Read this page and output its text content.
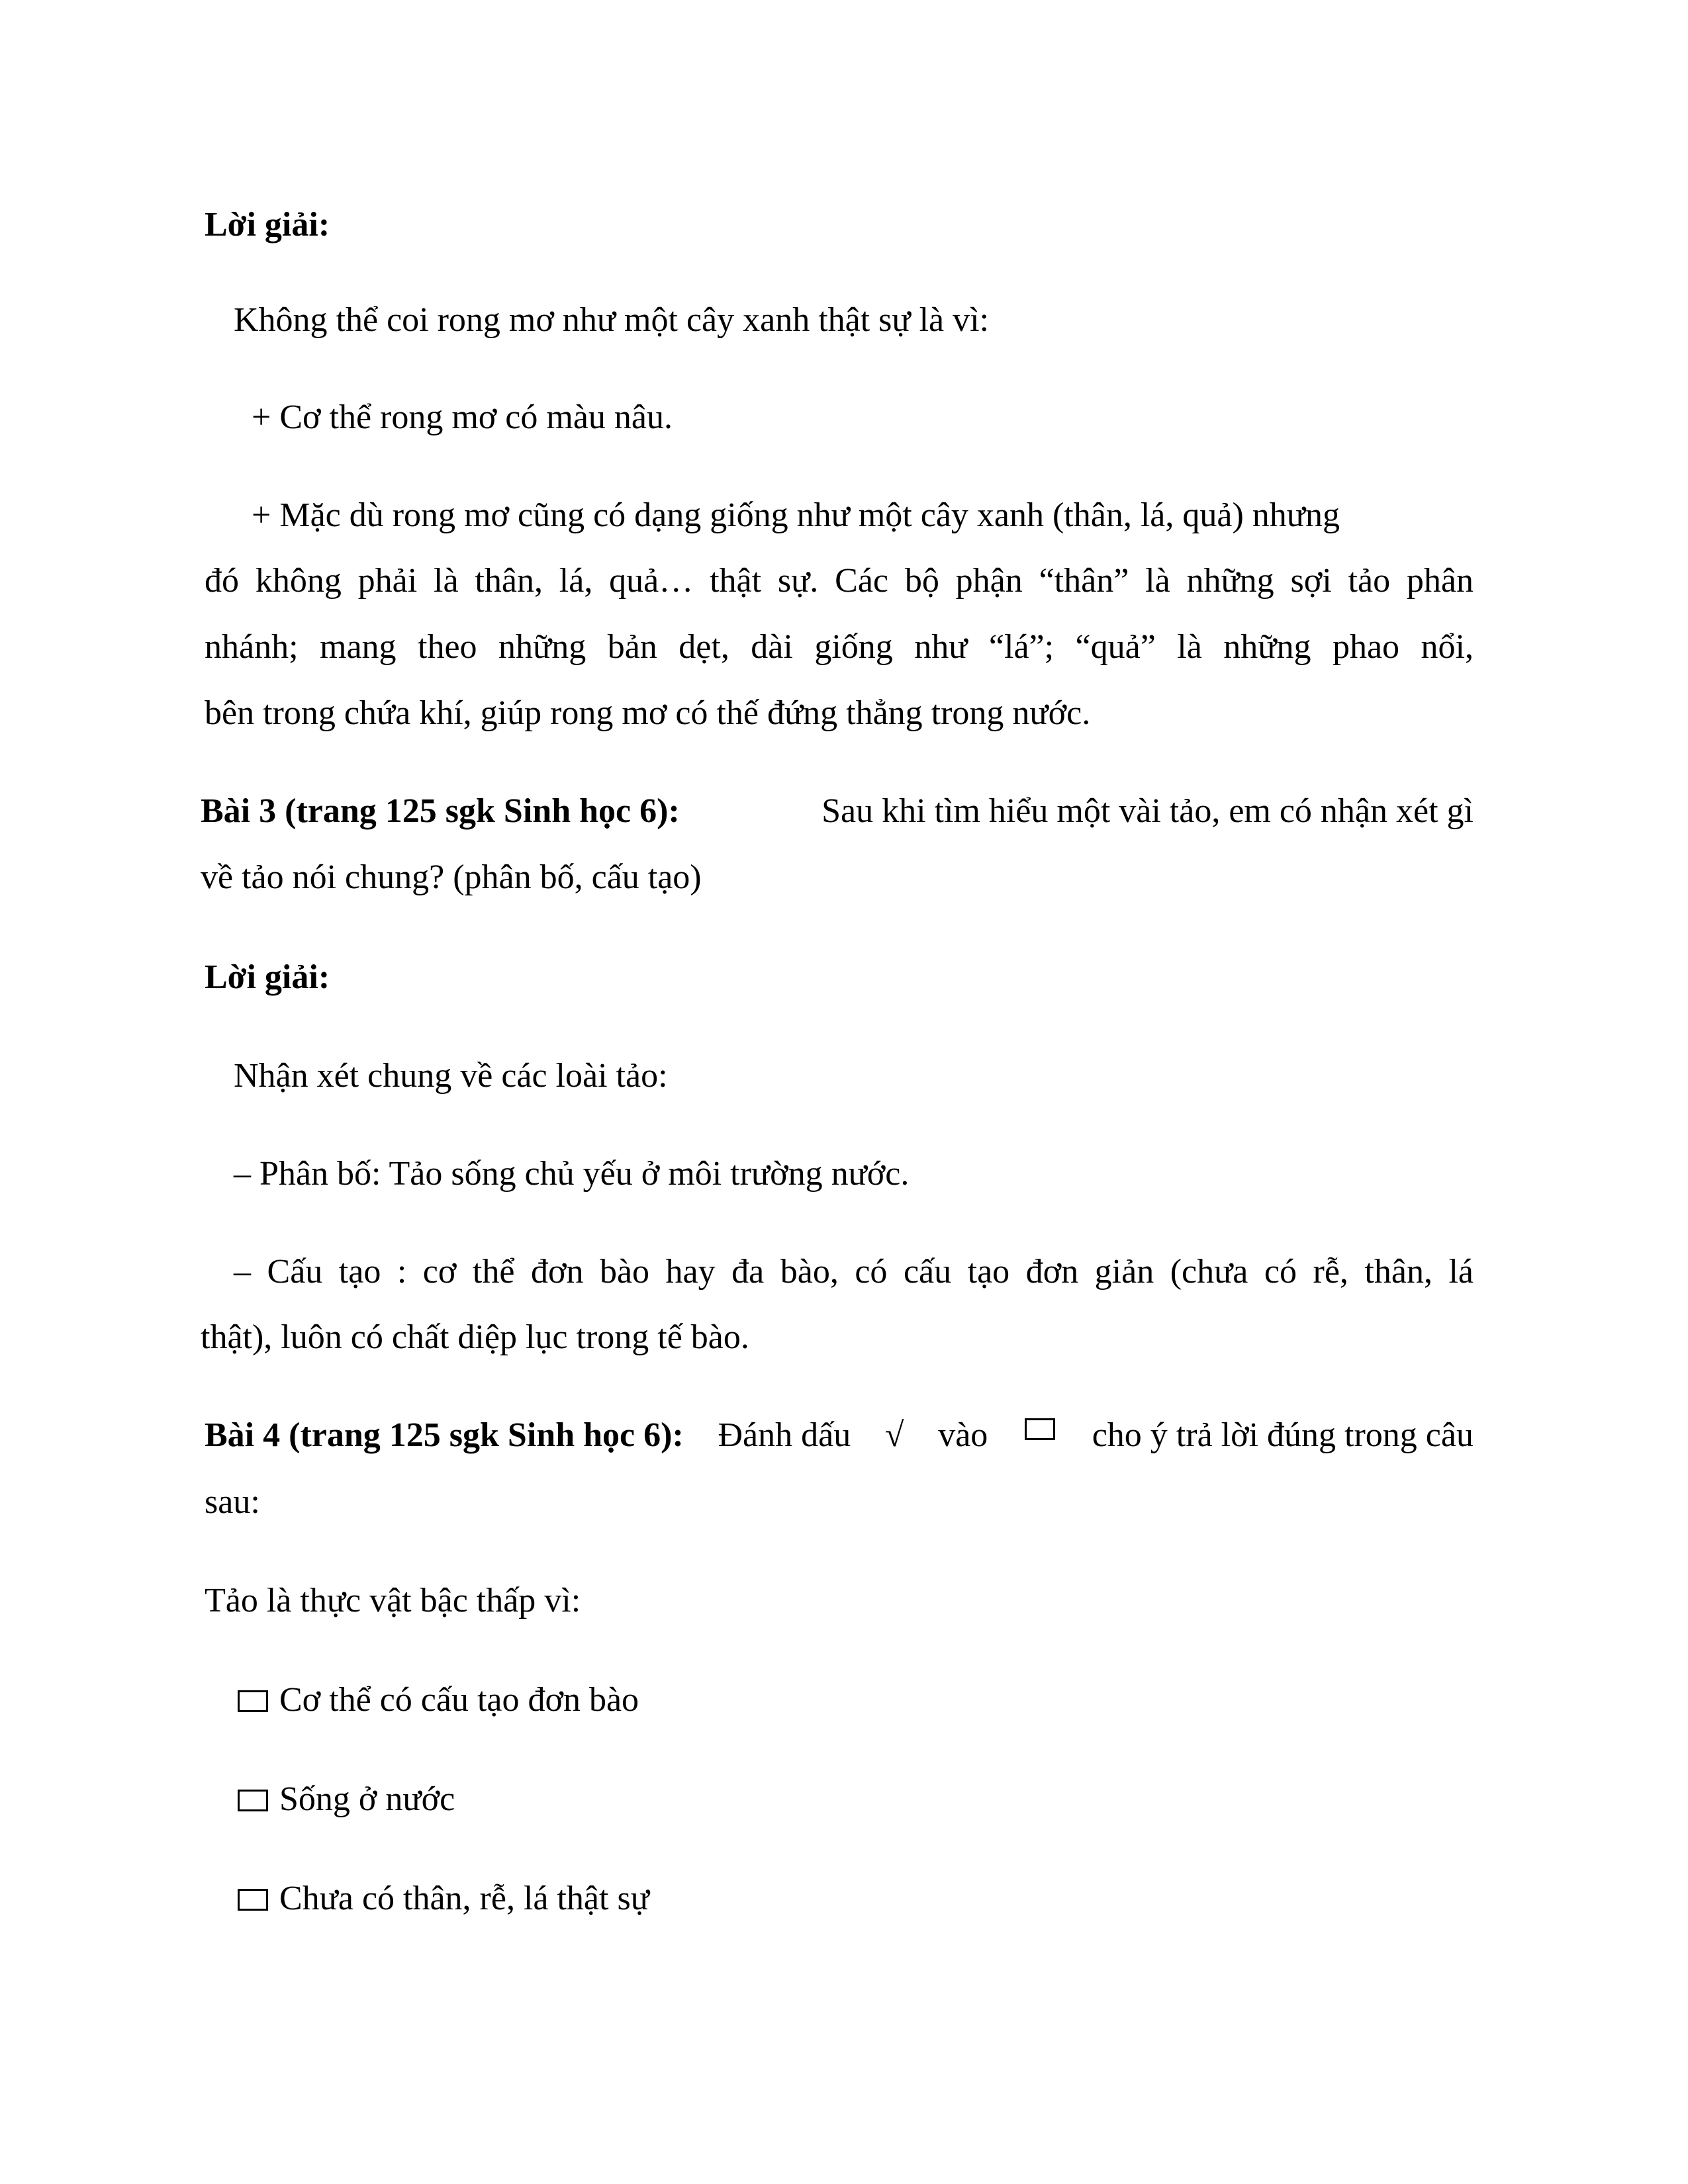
Lời giải:
Không thể coi rong mơ như một cây xanh thật sự là vì:
+ Cơ thể rong mơ có màu nâu.
+ Mặc dù rong mơ cũng có dạng giống như một cây xanh (thân, lá, quả) nhưng
đó không phải là thân, lá, quả… thật sự. Các bộ phận “thân” là những sợi tảo phân
nhánh; mang theo những bản dẹt, dài giống như “lá”; “quả” là những phao nổi,
bên trong chứa khí, giúp rong mơ có thế đứng thẳng trong nước.
Bài 3 (trang 125 sgk Sinh học 6):	Sau khi tìm hiểu một vài tảo, em có nhận xét gì
về tảo nói chung? (phân bố, cấu tạo)
Lời giải:
Nhận xét chung về các loài tảo:
– Phân bố: Tảo sống chủ yếu ở môi trường nước.
– Cấu tạo : cơ thể đơn bào hay đa bào, có cấu tạo đơn giản (chưa có rễ, thân, lá
thật), luôn có chất diệp lục trong tế bào.
Bài 4 (trang 125 sgk Sinh học 6): Đánh dấu √ vào	cho ý trả lời đúng trong câu
sau:
Tảo là thực vật bậc thấp vì:
Cơ thể có cấu tạo đơn bào
Sống ở nước
Chưa có thân, rễ, lá thật sự
